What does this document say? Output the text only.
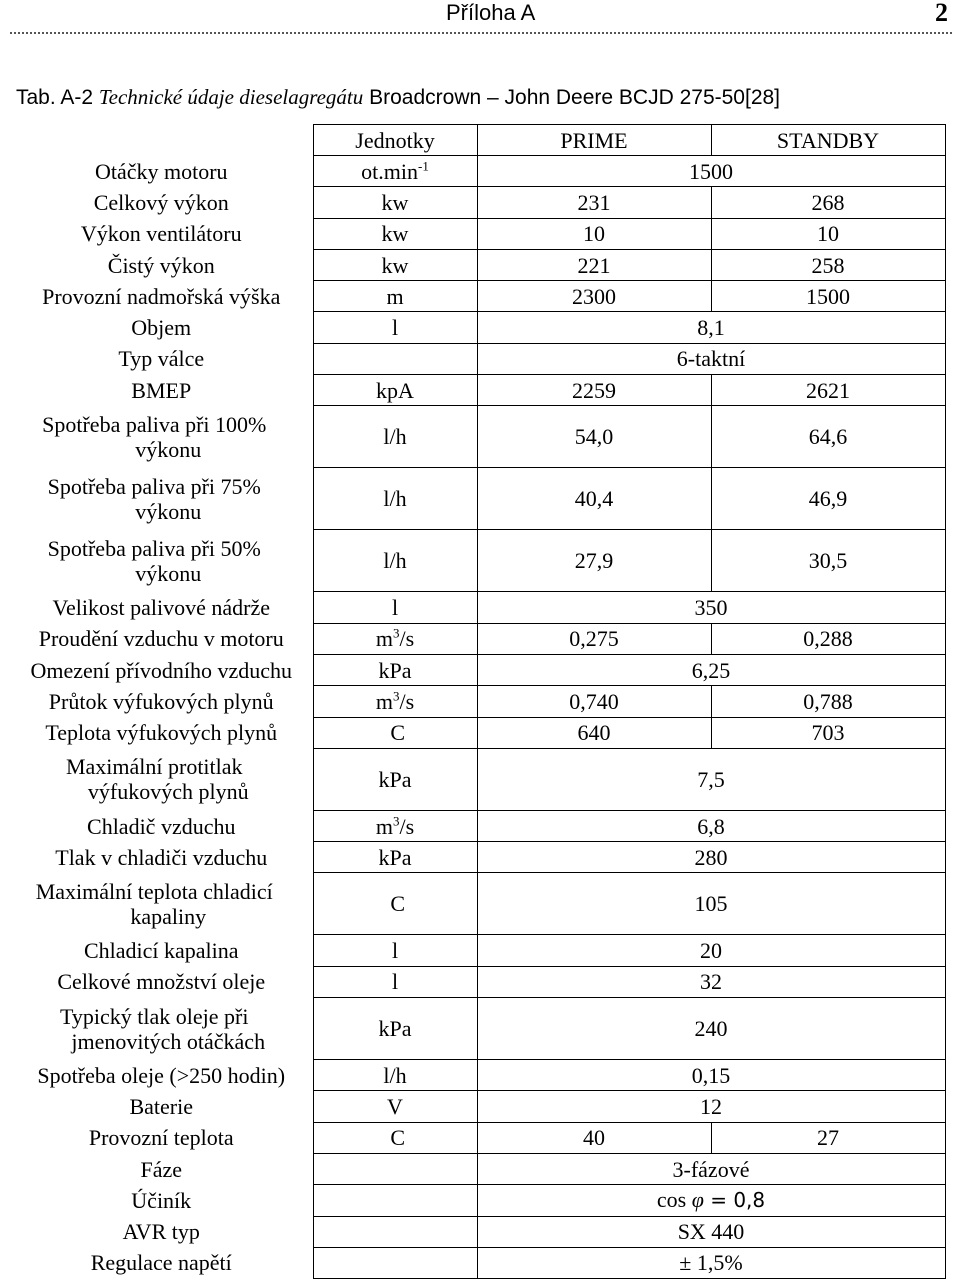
Příloha A	2
Tab. A-2 Technické údaje dieselagregátu Broadcrown – John Deere BCJD 275-50[28]
	Jednotky	PRIME	STANDBY
Otáčky motoru	$ot.\min^{-1}$	1500	
Celkový výkon	kw	231	268
Výkon ventilátoru	kw	10	10
Čistý výkon	kw	221	258
Provozní nadmořská výška	m	2300	1500
Objem	l	8,1	
Typ válce		6-taktní	
BMEP	kpA	2259	2621

Spotřeba paliva při 100%
výkonu	l/h	54,0	64,6

Spotřeba paliva při 75%
výkonu	l/h	40,4	46,9

Spotřeba paliva při 50%
výkonu	l/h	27,9	30,5
Velikost palivové nádrže	l	350	
Proudění vzduchu v motoru	$m^3/s$	0,275	0,288
Omezení přívodního vzduchu	kPa	6,25	
Průtok výfukových plynů	$m^3/s$	0,740	0,788
Teplota výfukových plynů	C	640	703

Maximální protitlak
výfukových plynů	kPa	7,5	
Chladič vzduchu	$m^3/s$	6,8	
Tlak v chladiči vzduchu	kPa	280	

Maximální teplota chladicí
kapaliny	C	105	
Chladicí kapalina	l	20	
Celkové množství oleje	l	32	

Typický tlak oleje při
jmenovitých otáčkách	kPa	240	
Spotřeba oleje (>250 hodin)	l/h	0,15	
Baterie	V	12	
Provozní teplota	C	40	27
Fáze		3-fázové	
Účiník		cos φ = 0,8	
AVR typ		SX 440	
Regulace napětí		± 1,5%	
